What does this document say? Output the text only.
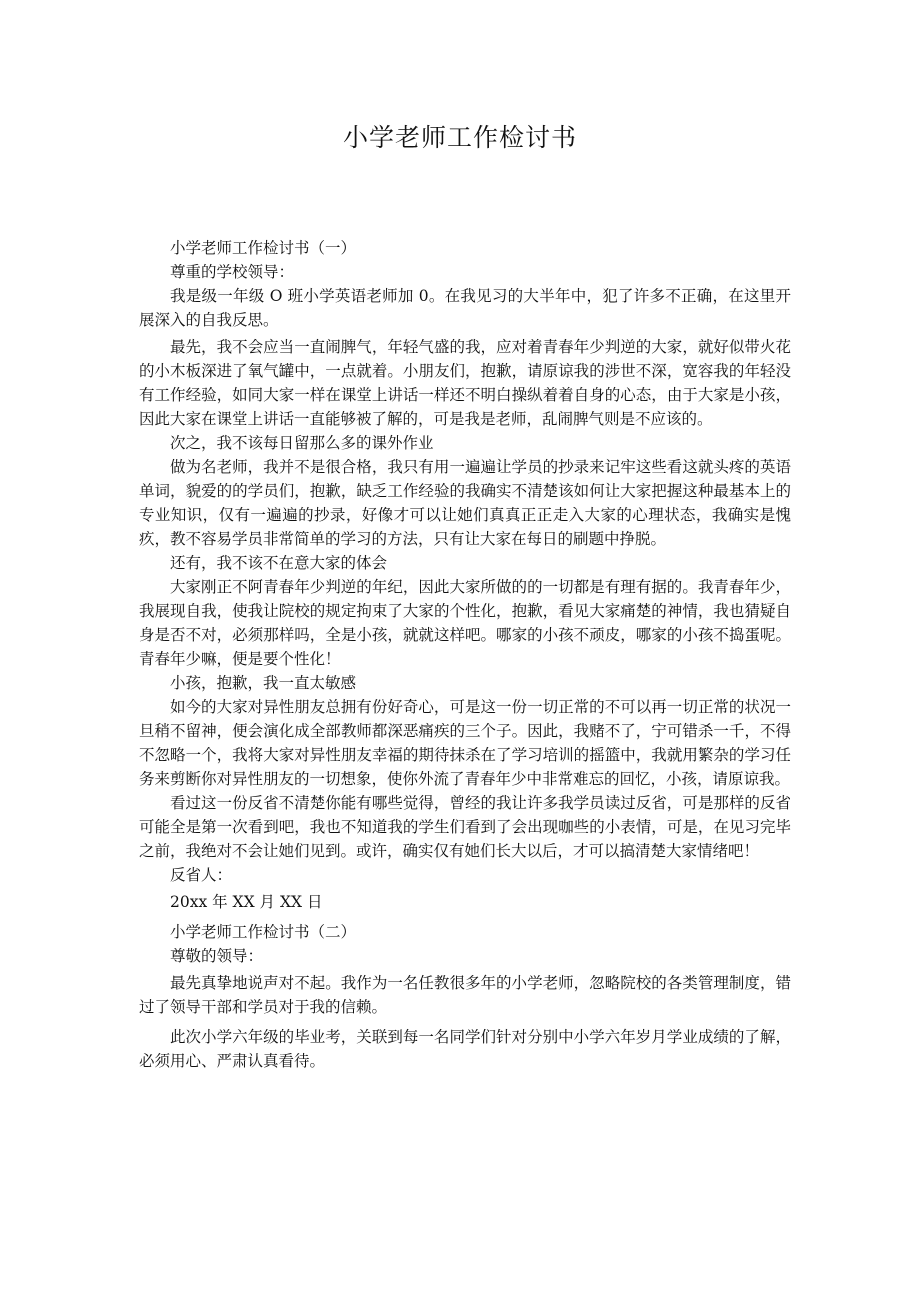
小学老师工作检讨书

小学老师工作检讨书（一）

尊重的学校领导：

我是级一年级 O 班小学英语老师加 0。在我见习的大半年中，犯了许多不正确，在这里开展深入的自我反思。

最先，我不会应当一直闹脾气，年轻气盛的我，应对着青春年少判逆的大家，就好似带火花的小木板深进了氧气罐中，一点就着。小朋友们，抱歉，请原谅我的涉世不深，宽容我的年轻没有工作经验，如同大家一样在课堂上讲话一样还不明白操纵着着自身的心态，由于大家是小孩，因此大家在课堂上讲话一直能够被了解的，可是我是老师，乱闹脾气则是不应该的。

次之，我不该每日留那么多的课外作业

做为名老师，我并不是很合格，我只有用一遍遍让学员的抄录来记牢这些看这就头疼的英语单词，貌爱的的学员们，抱歉，缺乏工作经验的我确实不清楚该如何让大家把握这种最基本上的专业知识，仅有一遍遍的抄录，好像才可以让她们真真正正走入大家的心理状态，我确实是愧疚，教不容易学员非常简单的学习的方法，只有让大家在每日的刷题中挣脱。

还有，我不该不在意大家的体会

大家刚正不阿青春年少判逆的年纪，因此大家所做的的一切都是有理有据的。我青春年少，我展现自我，使我让院校的规定拘束了大家的个性化，抱歉，看见大家痛楚的神情，我也猜疑自身是否不对，必须那样吗，全是小孩，就就这样吧。哪家的小孩不顽皮，哪家的小孩不捣蛋呢。青春年少嘛，便是要个性化！

小孩，抱歉，我一直太敏感

如今的大家对异性朋友总拥有份好奇心，可是这一份一切正常的不可以再一切正常的状况一旦稍不留神，便会演化成全部教师都深恶痛疾的三个子。因此，我赌不了，宁可错杀一千，不得不忽略一个，我将大家对异性朋友幸福的期待抹杀在了学习培训的摇篮中，我就用繁杂的学习任务来剪断你对异性朋友的一切想象，使你外流了青春年少中非常难忘的回忆，小孩，请原谅我。

看过这一份反省不清楚你能有哪些觉得，曾经的我让许多我学员读过反省，可是那样的反省可能全是第一次看到吧，我也不知道我的学生们看到了会出现咖些的小表情，可是，在见习完毕之前，我绝对不会让她们见到。或许，确实仅有她们长大以后，才可以搞清楚大家情绪吧！

反省人：

20xx 年 XX 月 XX 日

小学老师工作检讨书（二）

尊敬的领导：

最先真挚地说声对不起。我作为一名任教很多年的小学老师，忽略院校的各类管理制度，错过了领导干部和学员对于我的信赖。

此次小学六年级的毕业考，关联到每一名同学们针对分别中小学六年岁月学业成绩的了解，必须用心、严肃认真看待。
